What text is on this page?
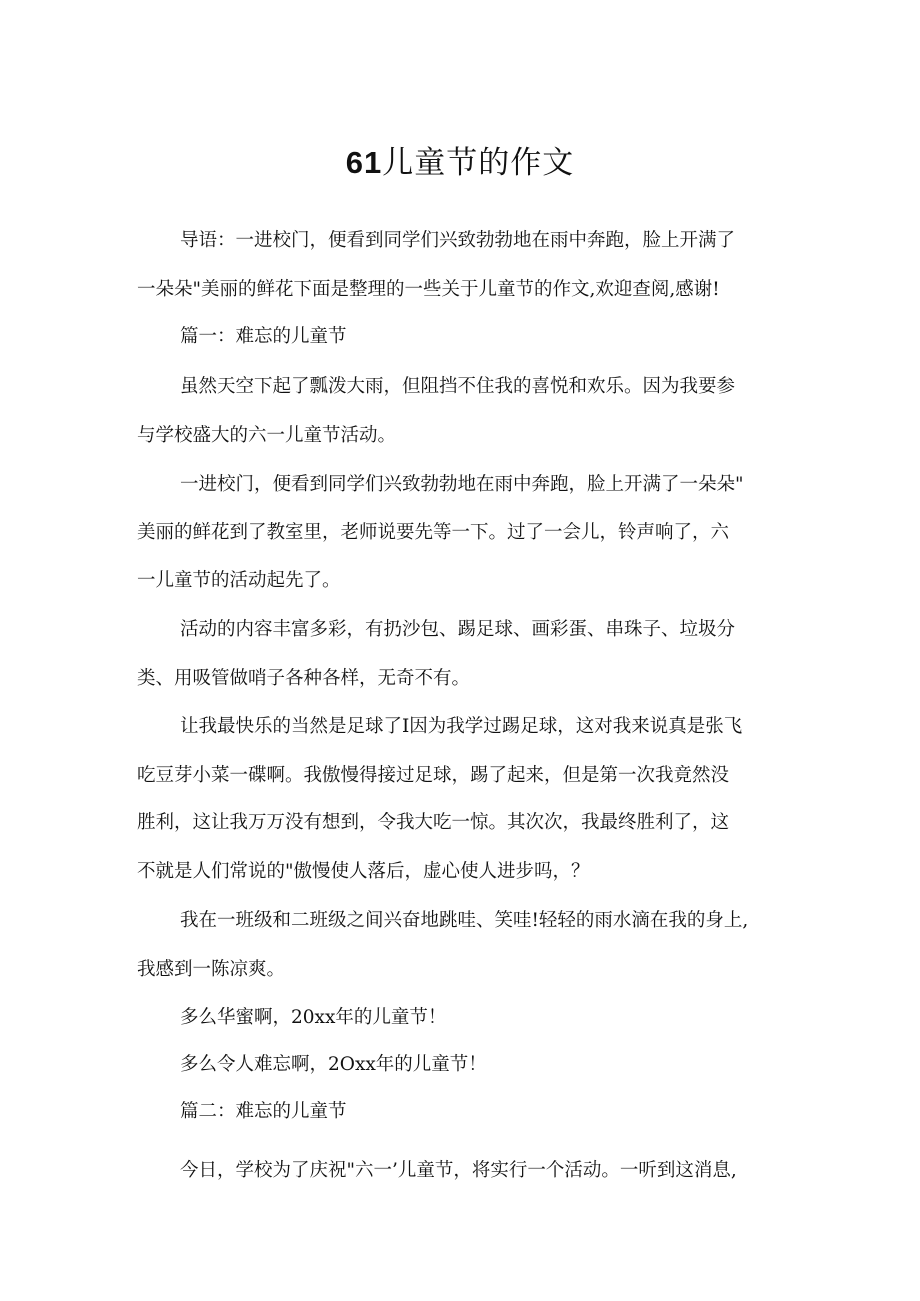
61儿童节的作文
导语：一进校门，便看到同学们兴致勃勃地在雨中奔跑，脸上开满了
一朵朵"美丽的鲜花下面是整理的一些关于儿童节的作文,欢迎查阅,感谢!
篇一：难忘的儿童节
虽然天空下起了瓢泼大雨，但阻挡不住我的喜悦和欢乐。因为我要参
与学校盛大的六一儿童节活动。
一进校门，便看到同学们兴致勃勃地在雨中奔跑，脸上开满了一朵朵"
美丽的鲜花到了教室里，老师说要先等一下。过了一会儿，铃声响了，六
一儿童节的活动起先了。
活动的内容丰富多彩，有扔沙包、踢足球、画彩蛋、串珠子、垃圾分
类、用吸管做哨子各种各样，无奇不有。
让我最快乐的当然是足球了I因为我学过踢足球，这对我来说真是张飞
吃豆芽小菜一碟啊。我傲慢得接过足球，踢了起来，但是第一次我竟然没
胜利，这让我万万没有想到，令我大吃一惊。其次次，我最终胜利了，这
不就是人们常说的"傲慢使人落后，虚心使人进步吗，？
我在一班级和二班级之间兴奋地跳哇、笑哇!轻轻的雨水滴在我的身上,
我感到一陈凉爽。
多么华蜜啊，20xx年的儿童节！
多么令人难忘啊，2Oxx年的儿童节！
篇二：难忘的儿童节
今日，学校为了庆祝"六一’儿童节，将实行一个活动。一听到这消息,
